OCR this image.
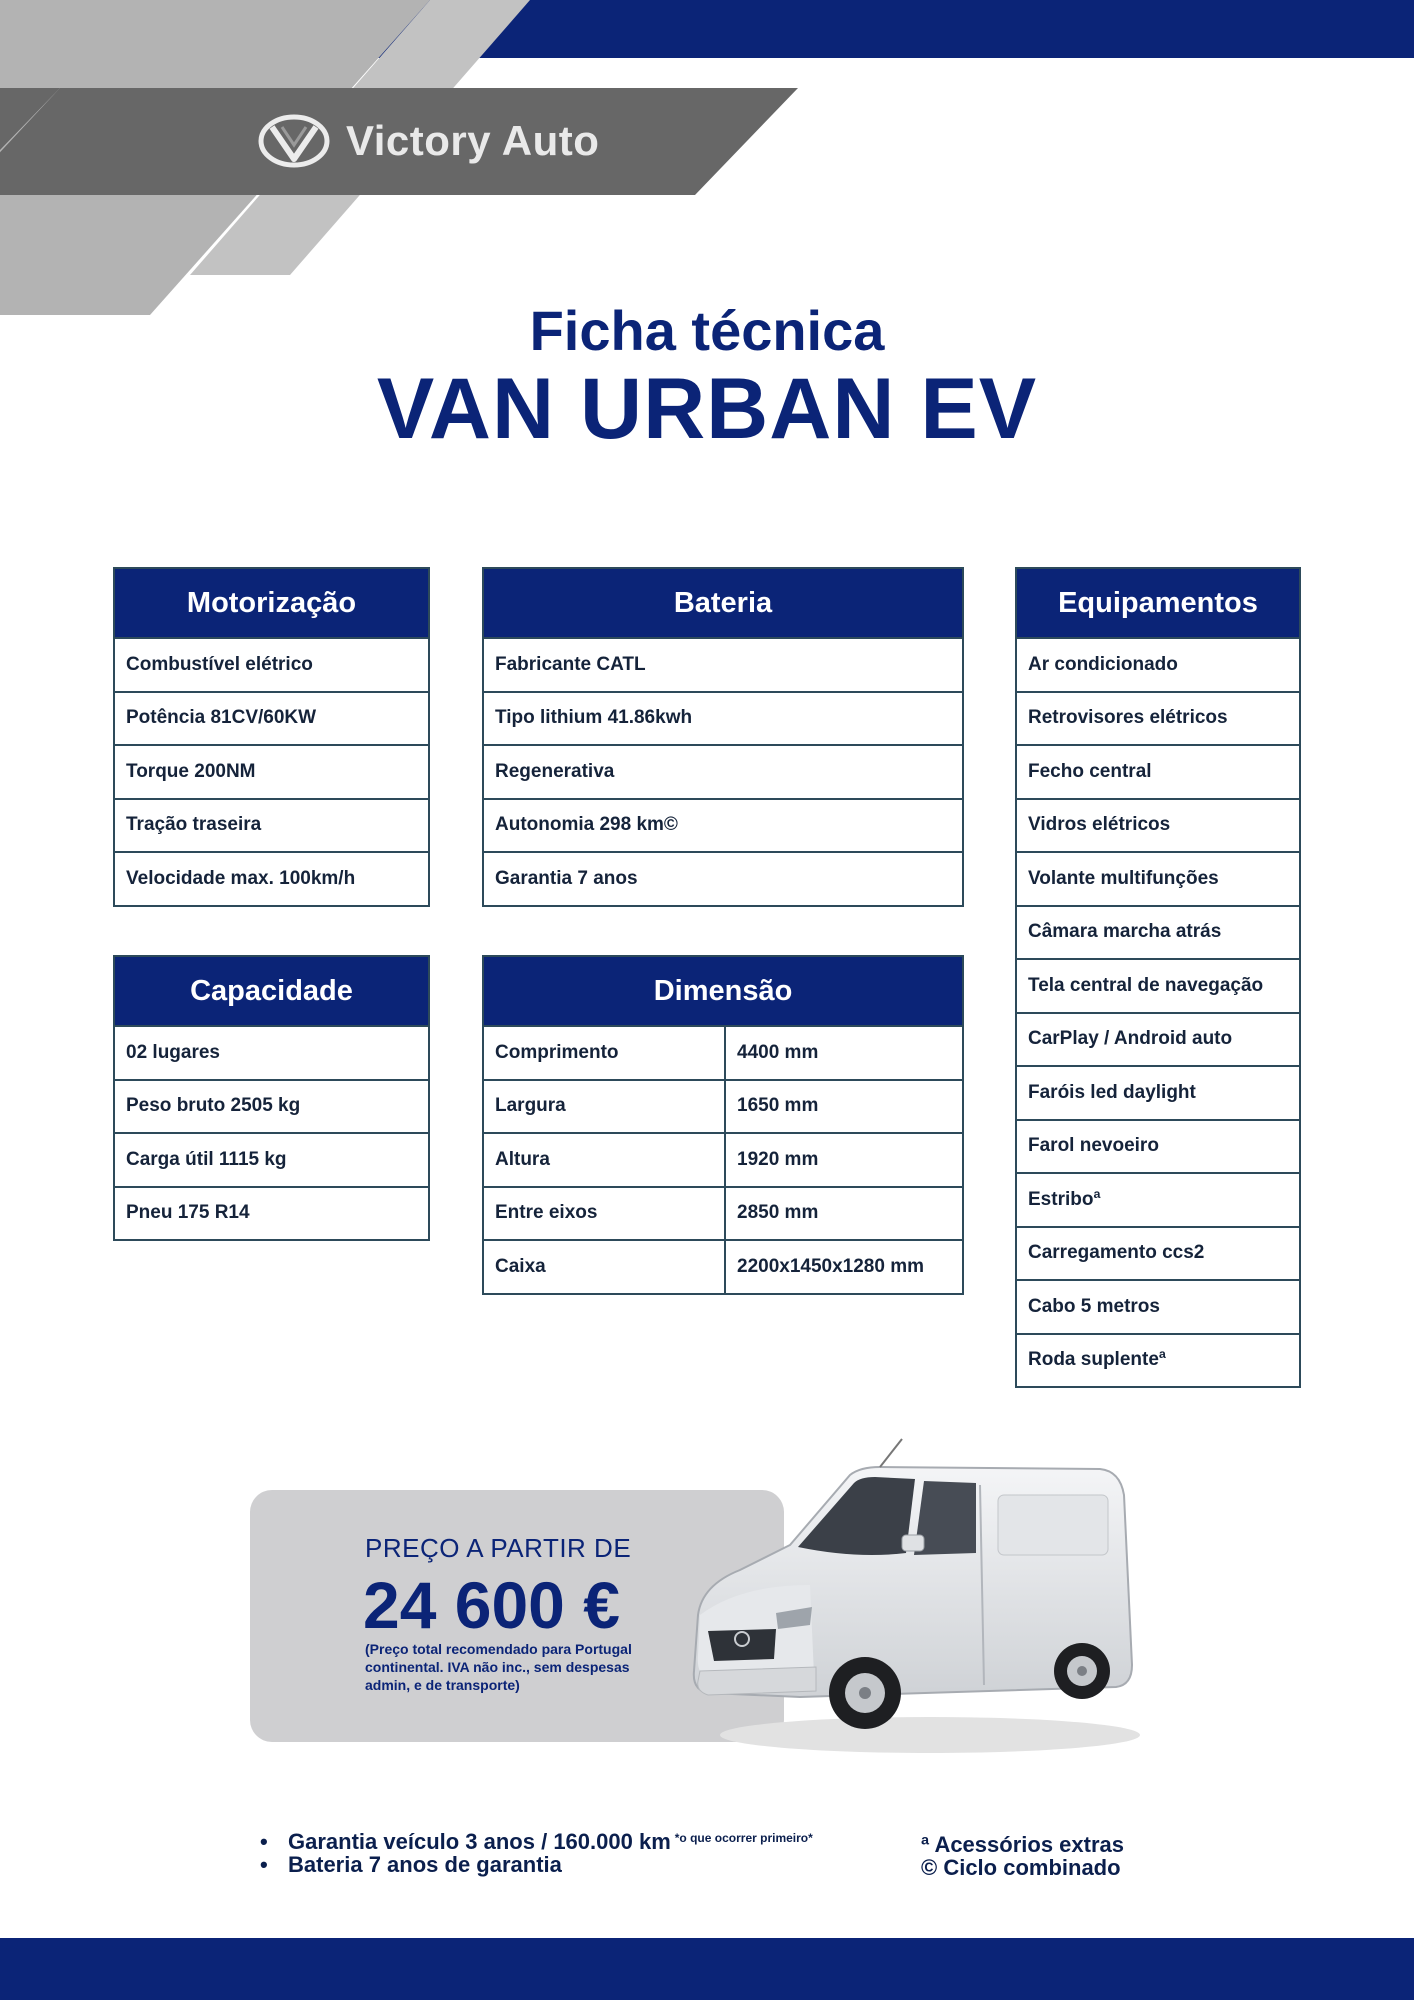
Victory Auto
Ficha técnica
VAN URBAN EV
Motorização
Combustível elétrico
Potência 81CV/60KW
Torque 200NM
Tração traseira
Velocidade max. 100km/h
Bateria
Fabricante CATL
Tipo lithium 41.86kwh
Regenerativa
Autonomia 298 km©
Garantia 7 anos
Equipamentos
Ar condicionado
Retrovisores elétricos
Fecho central
Vidros elétricos
Volante multifunções
Câmara marcha atrás
Tela central de navegação
CarPlay / Android auto
Faróis led daylight
Farol nevoeiro
Estriboª
Carregamento ccs2
Cabo 5 metros
Roda suplenteª
Capacidade
02 lugares
Peso bruto 2505 kg
Carga útil 1115 kg
Pneu 175 R14
Dimensão
Comprimento	4400 mm
Largura	1650 mm
Altura	1920 mm
Entre eixos	2850 mm
Caixa	2200x1450x1280 mm
PREÇO A PARTIR DE
24 600 €
(Preço total recomendado para Portugal continental. IVA não inc., sem despesas admin, e de transporte)
• Garantia veículo 3 anos / 160.000 km $^{*o que ocorrer primeiro*}$
• Bateria 7 anos de garantia
ª Acessórios extras
© Ciclo combinado
